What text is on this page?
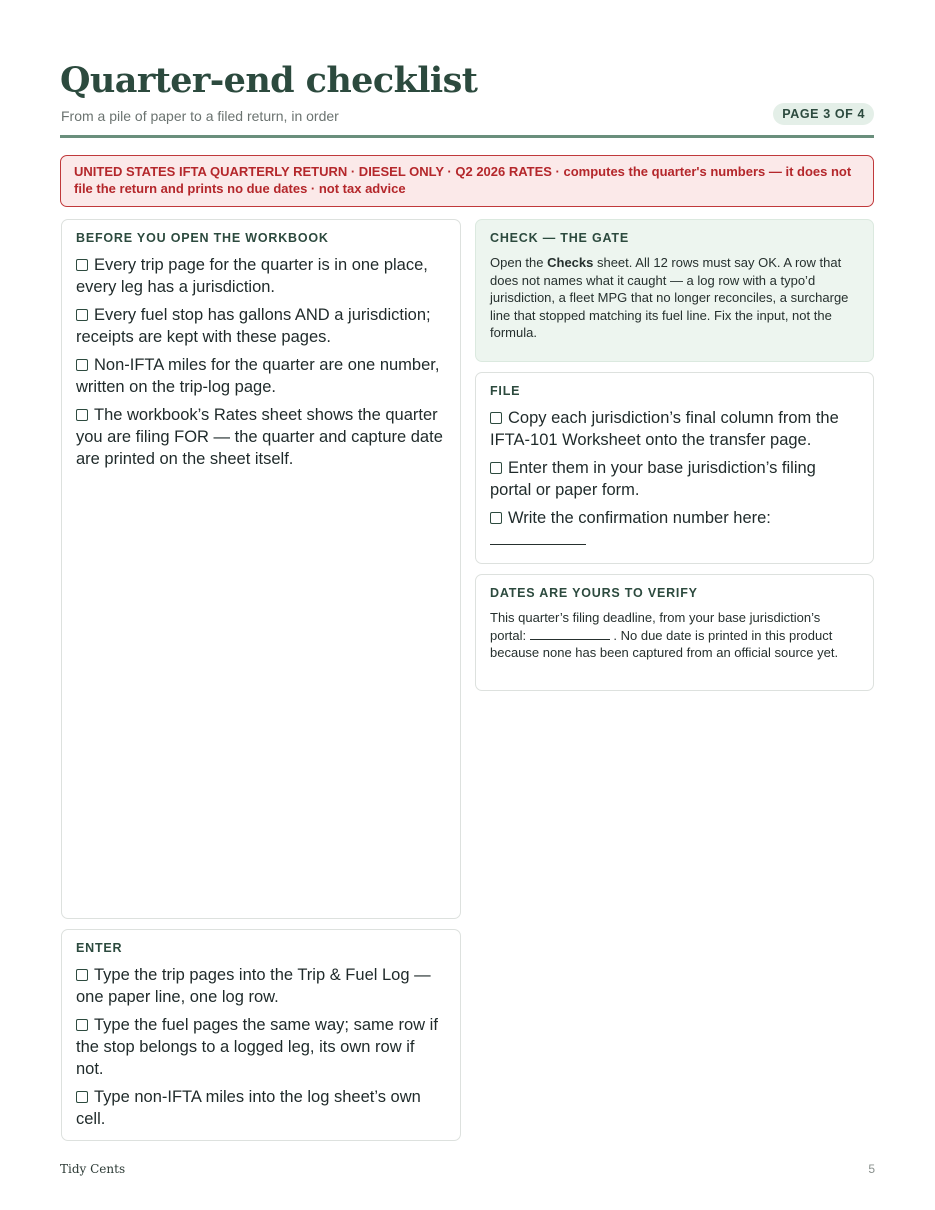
Quarter-end checklist
From a pile of paper to a filed return, in order	PAGE 3 OF 4
UNITED STATES IFTA QUARTERLY RETURN · DIESEL ONLY · Q2 2026 RATES · computes the quarter's numbers — it does not file the return and prints no due dates · not tax advice
BEFORE YOU OPEN THE WORKBOOK
Every trip page for the quarter is in one place, every leg has a jurisdiction.
Every fuel stop has gallons AND a jurisdiction; receipts are kept with these pages.
Non-IFTA miles for the quarter are one number, written on the trip-log page.
The workbook’s Rates sheet shows the quarter you are filing FOR — the quarter and capture date are printed on the sheet itself.
ENTER
Type the trip pages into the Trip & Fuel Log — one paper line, one log row.
Type the fuel pages the same way; same row if the stop belongs to a logged leg, its own row if not.
Type non-IFTA miles into the log sheet’s own cell.
CHECK — THE GATE

Open the Checks sheet. All 12 rows must say OK. A row that does not names what it caught — a log row with a typo’d jurisdiction, a fleet MPG that no longer reconciles, a surcharge line that stopped matching its fuel line. Fix the input, not the formula.

FILE
Copy each jurisdiction’s final column from the IFTA-101 Worksheet onto the transfer page.
Enter them in your base jurisdiction’s filing portal or paper form.
Write the confirmation number here:

DATES ARE YOURS TO VERIFY

This quarter’s filing deadline, from your base jurisdiction’s portal:	. No due date is printed in this product because none has been captured from an official source yet.

Tidy Cents	5
